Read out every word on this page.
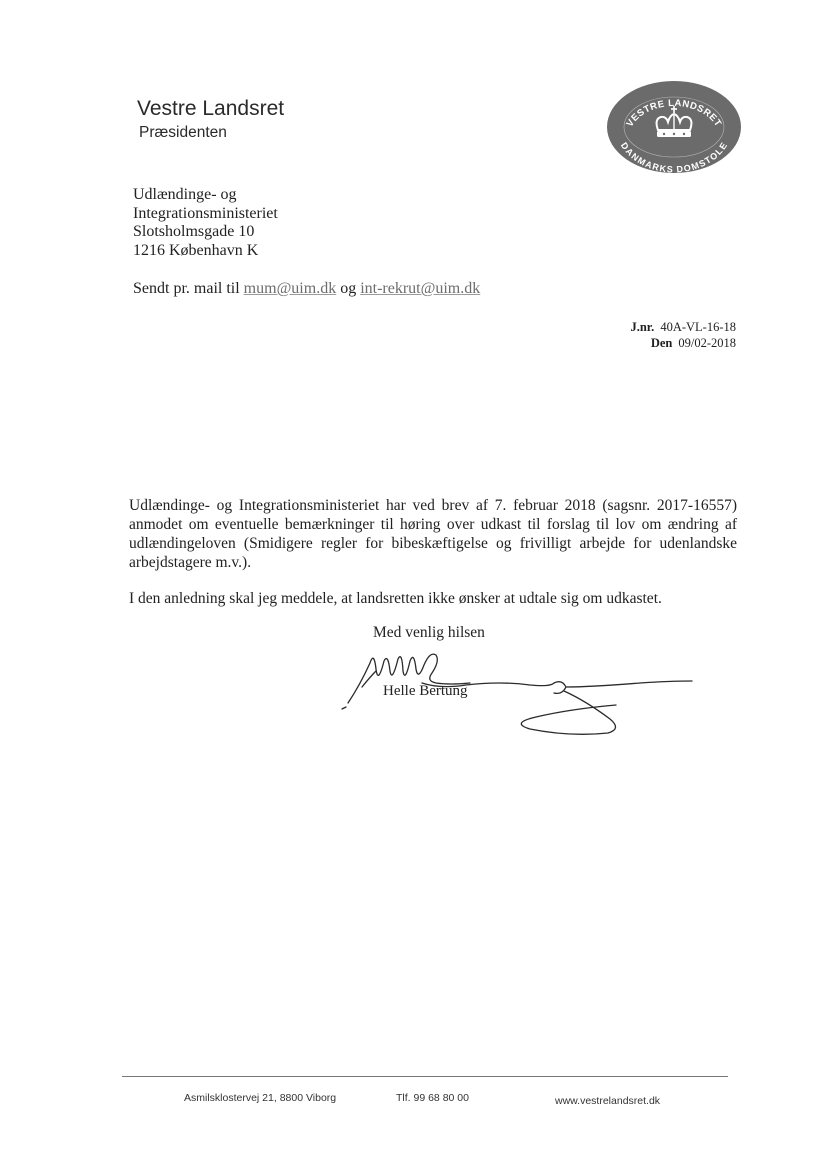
Vestre Landsret
Præsidenten
VESTRE LANDSRET
DANMARKS DOMSTOLE
Udlændinge- og
Integrationsministeriet
Slotsholmsgade 10
1216 København K
Sendt pr. mail til mum@uim.dk og int-rekrut@uim.dk
J.nr. 40A-VL-16-18
Den 09/02-2018

Udlændinge- og Integrationsministeriet har ved brev af 7. februar 2018 (sagsnr. 2017-16557) anmodet om eventuelle bemærkninger til høring over udkast til forslag til lov om ændring af udlændingeloven (Smidigere regler for bibeskæftigelse og frivilligt arbejde for udenlandske arbejdstagere m.v.).

I den anledning skal jeg meddele, at landsretten ikke ønsker at udtale sig om udkastet.

Med venlig hilsen
Helle Bertung
Asmilsklostervej 21, 8800 Viborg	Tlf. 99 68 80 00	www.vestrelandsret.dk
